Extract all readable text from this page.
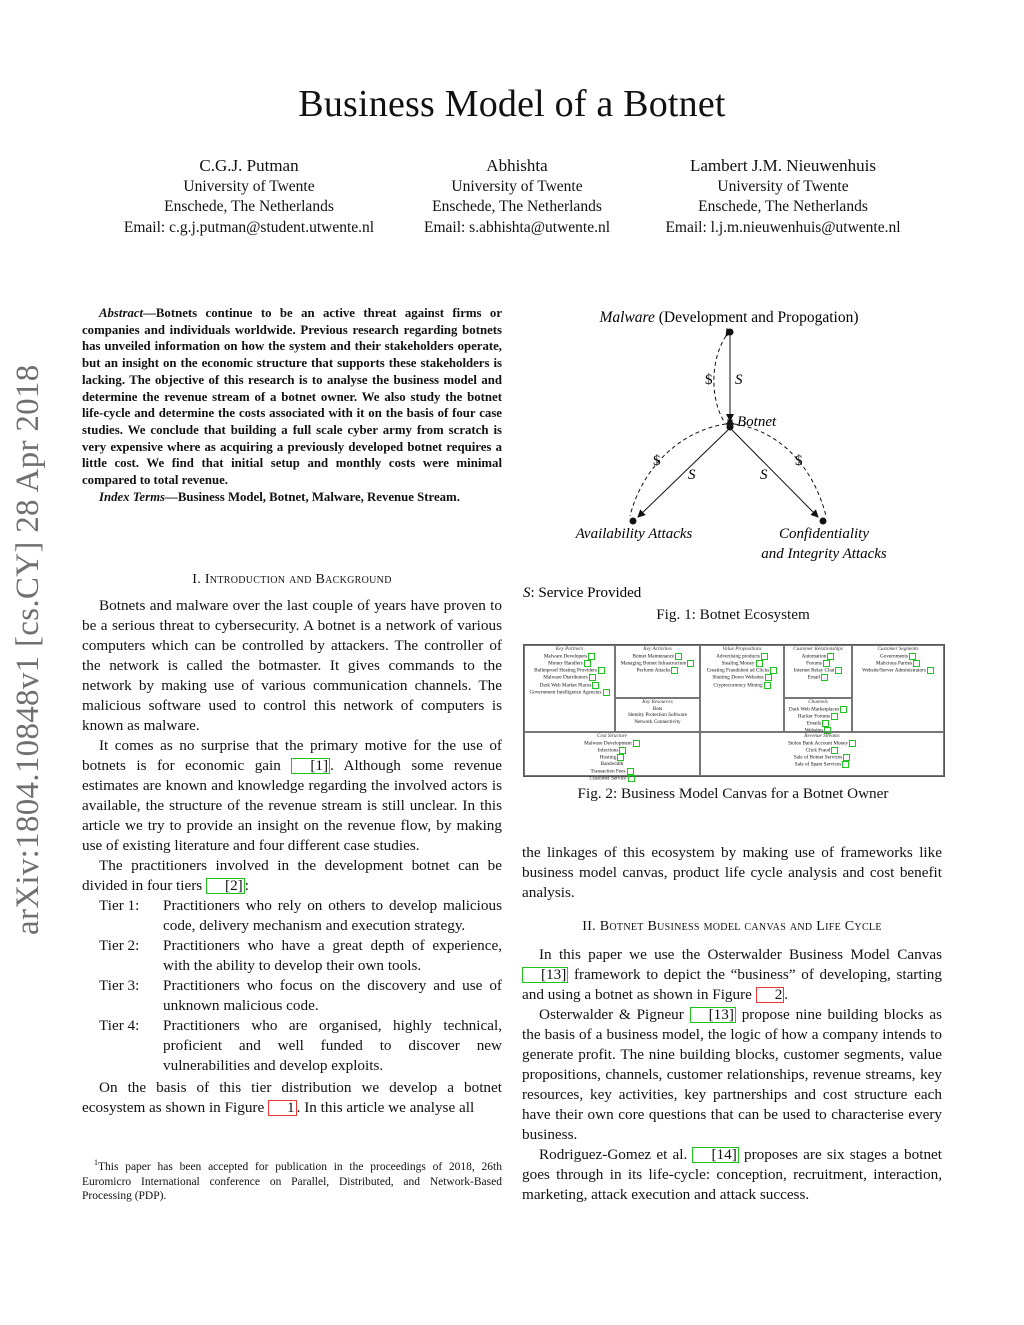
Business Model of a Botnet
C.G.J. Putman
University of Twente
Enschede, The Netherlands
Email: c.g.j.putman@student.utwente.nl
Abhishta
University of Twente
Enschede, The Netherlands
Email: s.abhishta@utwente.nl
Lambert J.M. Nieuwenhuis
University of Twente
Enschede, The Netherlands
Email: l.j.m.nieuwenhuis@utwente.nl
arXiv:1804.10848v1 [cs.CY] 28 Apr 2018
Abstract—Botnets continue to be an active threat against firms or companies and individuals worldwide. Previous research regarding botnets has unveiled information on how the system and their stakeholders operate, but an insight on the economic structure that supports these stakeholders is lacking. The objective of this research is to analyse the business model and determine the revenue stream of a botnet owner. We also study the botnet life-cycle and determine the costs associated with it on the basis of four case studies. We conclude that building a full scale cyber army from scratch is very expensive where as acquiring a previously developed botnet requires a little cost. We find that initial setup and monthly costs were minimal compared to total revenue.
Index Terms—Business Model, Botnet, Malware, Revenue Stream.
I. Introduction and Background

Botnets and malware over the last couple of years have proven to be a serious threat to cybersecurity. A botnet is a network of various computers which can be controlled by attackers. The controller of the network is called the botmaster. It gives commands to the network by making use of various communication channels. The malicious software used to control this network of computers is known as malware.

It comes as no surprise that the primary motive for the use of botnets is for economic gain [1] . Although some revenue estimates are known and knowledge regarding the involved actors is available, the structure of the revenue stream is still unclear. In this article we try to provide an insight on the revenue flow, by making use of existing literature and four different case studies.

The practitioners involved in the development botnet can be divided in four tiers [2] :

Tier 1:	Practitioners who rely on others to develop malicious code, delivery mechanism and execution strategy.
Tier 2:	Practitioners who have a great depth of experience, with the ability to develop their own tools.
Tier 3:	Practitioners who focus on the discovery and use of unknown malicious code.
Tier 4:	Practitioners who are organised, highly technical, proficient and well funded to discover new vulnerabilities and develop exploits.

On the basis of this tier distribution we develop a botnet ecosystem as shown in Figure 1 . In this article we analyse all

$^1$This paper has been accepted for publication in the proceedings of 2018, 26th Euromicro International conference on Parallel, Distributed, and Network-Based Processing (PDP).
Malware (Development and Propogation)
$ S
Botnet
$
S	S
$
Availability Attacks	Confidentiality
and Integrity Attacks
S: Service Provided
Fig. 1: Botnet Ecosystem
Key Partners
Malware Developers
Money Handlers
Bulletproof Hosting Providers
Malware Distributors
Dark Web Market Places
Government Intelligence Agencies
Key Activities
Botnet Maintenance
Managing Botnet Infrastructure
Perform Attacks
Key Resources
Bots
Identity Protection Software
Network Connectivity
Value Propositions
Advertising products
Stealing Money
Creating Fraudulent ad Clicks
Shutting Down Websites
Cryptocurrency Mining
Customer Relationships
Automation
Forums
Internet Relay Chat
Email
Channels
Dark Web Marketplaces
Hacker Forums
Emails
Websites
Customer Segments
Governments
Malicious Parties
Website/Server Administrators
Cost Structure
Malware Development
Infections
Hosting
Bandwidth
Transaction Fees
Customer Service
Revenue Streams
Stolen Bank Account Money
Click Fraud
Sale of Botnet Services
Sale of Spam Services
Fig. 2: Business Model Canvas for a Botnet Owner

the linkages of this ecosystem by making use of frameworks like business model canvas, product life cycle analysis and cost benefit analysis.

II. Botnet Business model canvas and Life Cycle

In this paper we use the Osterwalder Business Model Canvas [13] framework to depict the “business” of developing, starting and using a botnet as shown in Figure 2 .

Osterwalder & Pigneur [13] propose nine building blocks as the basis of a business model, the logic of how a company intends to generate profit. The nine building blocks, customer segments, value propositions, channels, customer relationships, revenue streams, key resources, key activities, key partnerships and cost structure each have their own core questions that can be used to characterise every business.

Rodriguez-Gomez et al. [14] proposes are six stages a botnet goes through in its life-cycle: conception, recruitment, interaction, marketing, attack execution and attack success.
